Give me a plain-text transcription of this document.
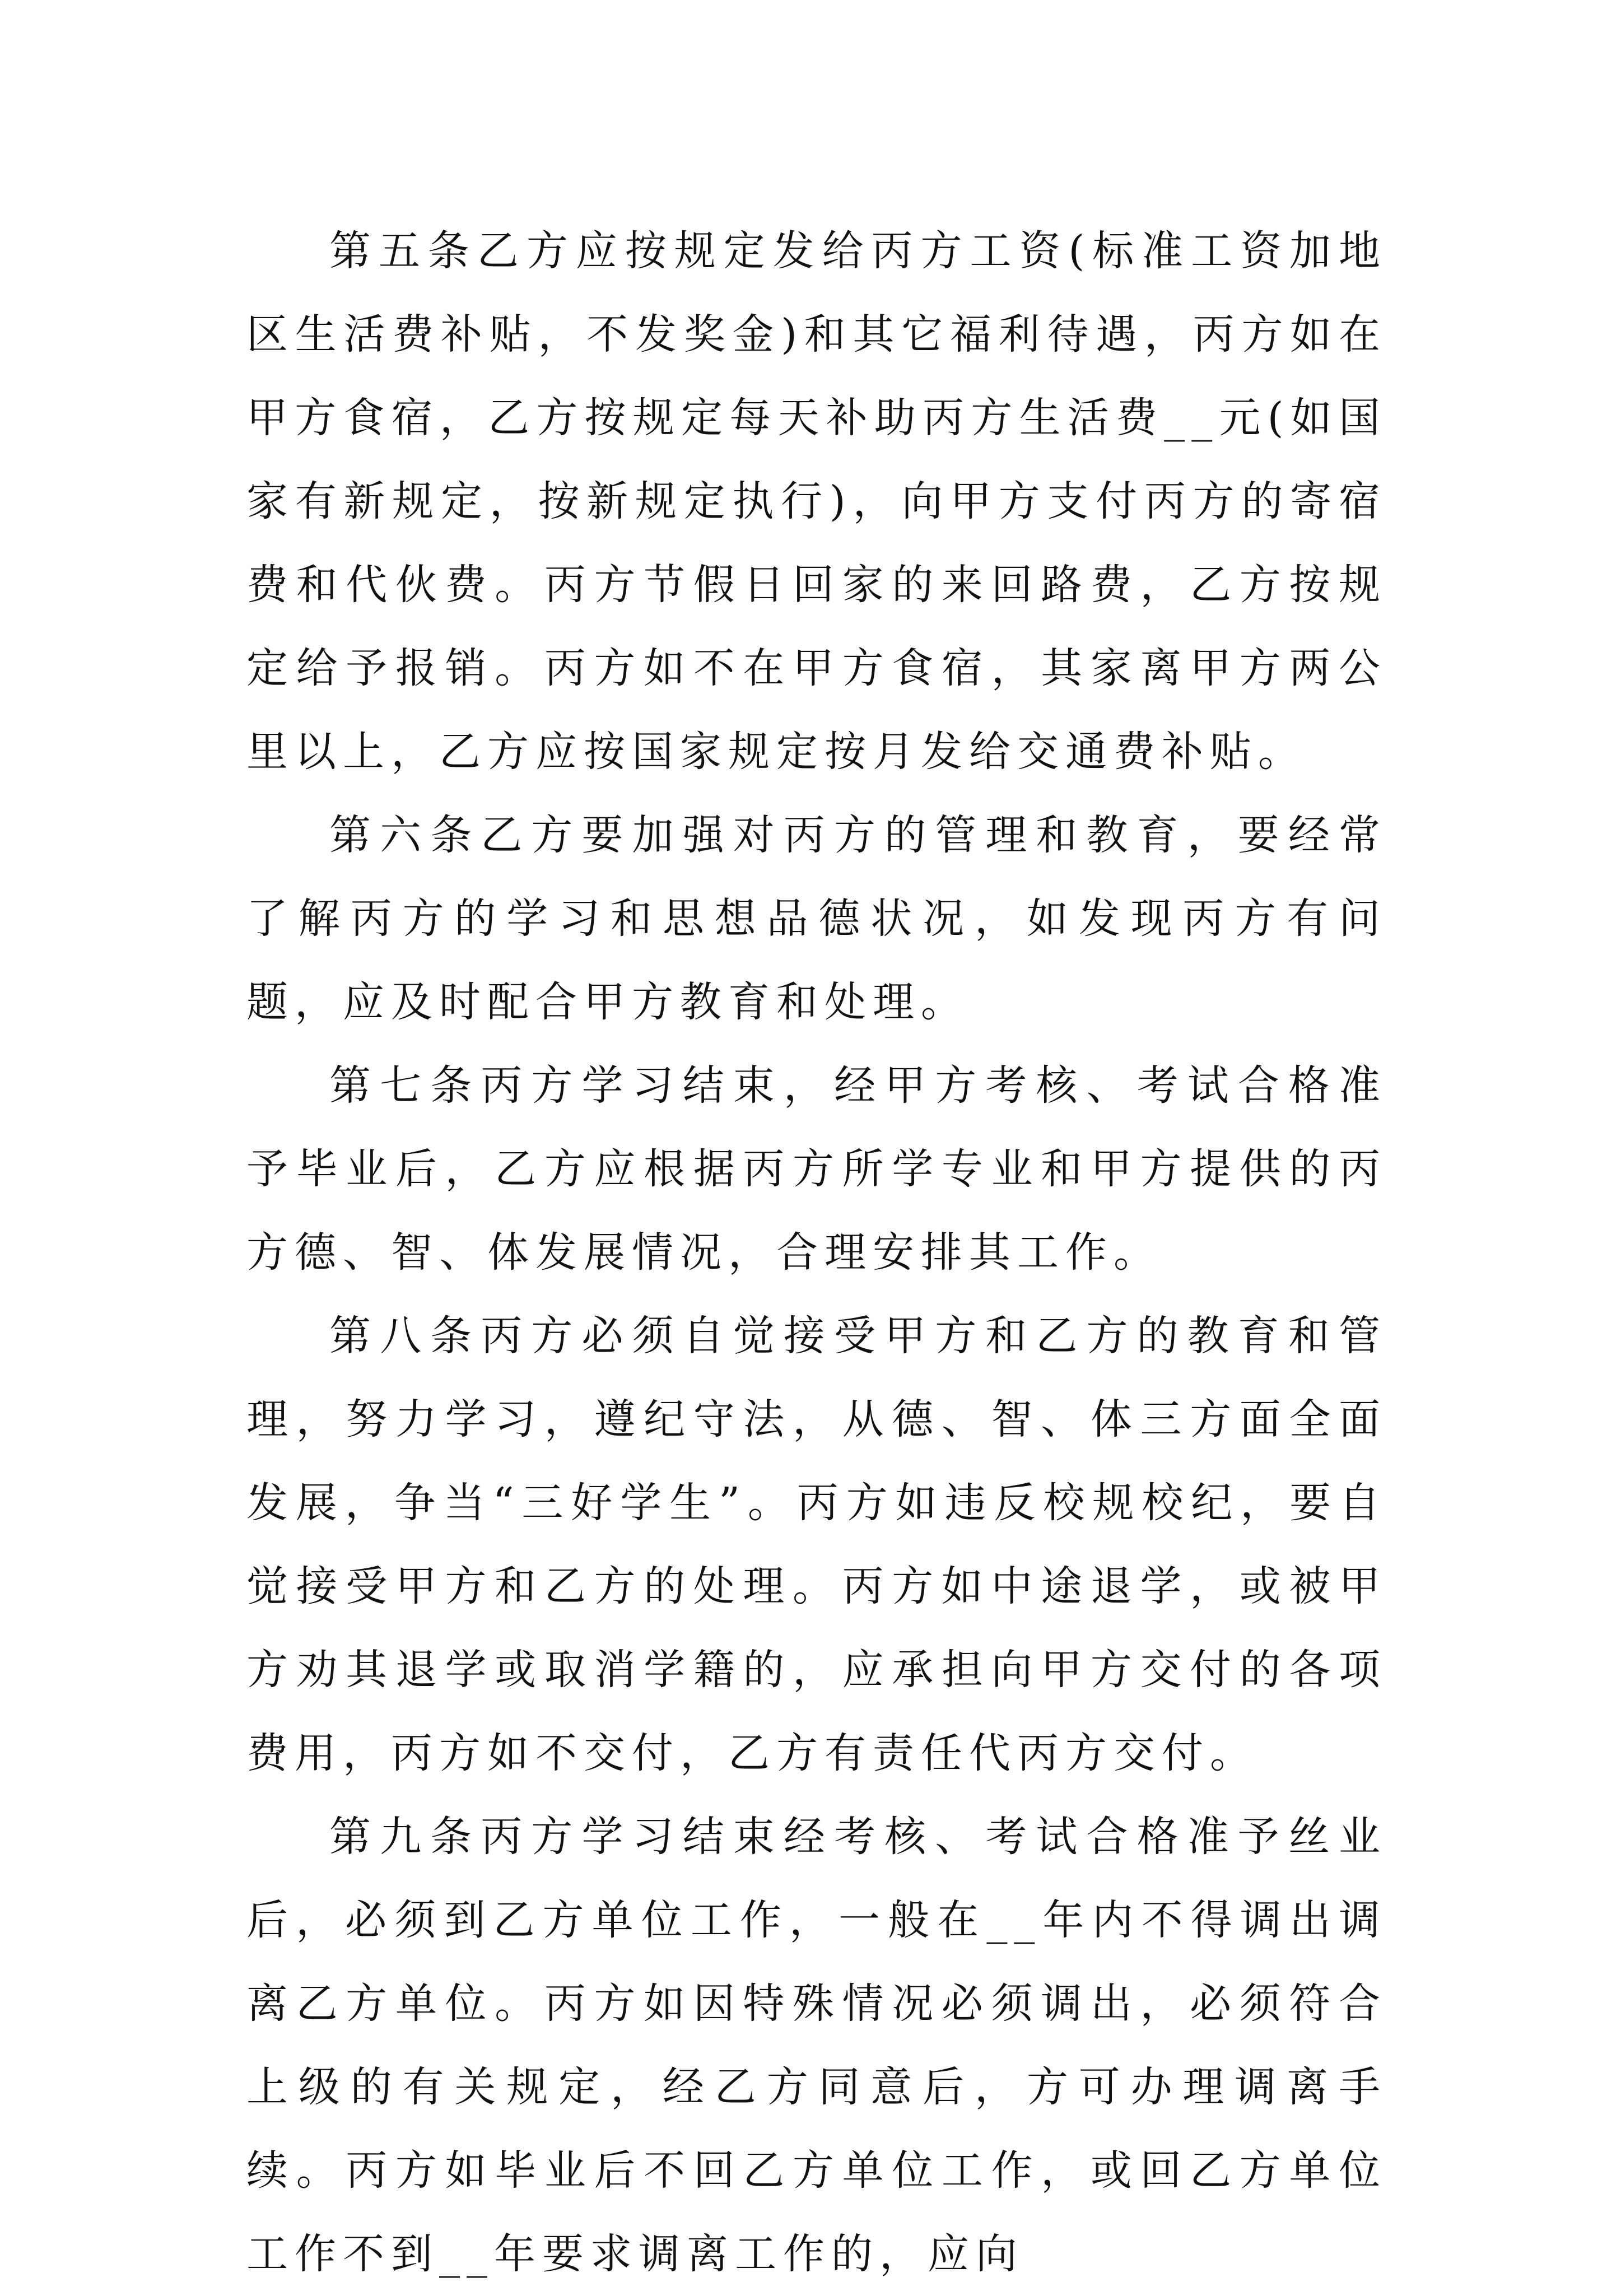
第五条乙方应按规定发给丙方工资(标准工资加地区生活费补贴，不发奖金)和其它福利待遇，丙方如在甲方食宿，乙方按规定每天补助丙方生活费__元(如国家有新规定，按新规定执行)，向甲方支付丙方的寄宿费和代伙费。丙方节假日回家的来回路费，乙方按规定给予报销。丙方如不在甲方食宿，其家离甲方两公里以上，乙方应按国家规定按月发给交通费补贴。

第六条乙方要加强对丙方的管理和教育，要经常了解丙方的学习和思想品德状况，如发现丙方有问题，应及时配合甲方教育和处理。

第七条丙方学习结束，经甲方考核、考试合格准予毕业后，乙方应根据丙方所学专业和甲方提供的丙方德、智、体发展情况，合理安排其工作。

第八条丙方必须自觉接受甲方和乙方的教育和管理，努力学习，遵纪守法，从德、智、体三方面全面发展，争当“三好学生”。丙方如违反校规校纪，要自觉接受甲方和乙方的处理。丙方如中途退学，或被甲方劝其退学或取消学籍的，应承担向甲方交付的各项费用，丙方如不交付，乙方有责任代丙方交付。

第九条丙方学习结束经考核、考试合格准予丝业后，必须到乙方单位工作，一般在__年内不得调出调离乙方单位。丙方如因特殊情况必须调出，必须符合上级的有关规定，经乙方同意后，方可办理调离手续。丙方如毕业后不回乙方单位工作，或回乙方单位工作不到__年要求调离工作的，应向
